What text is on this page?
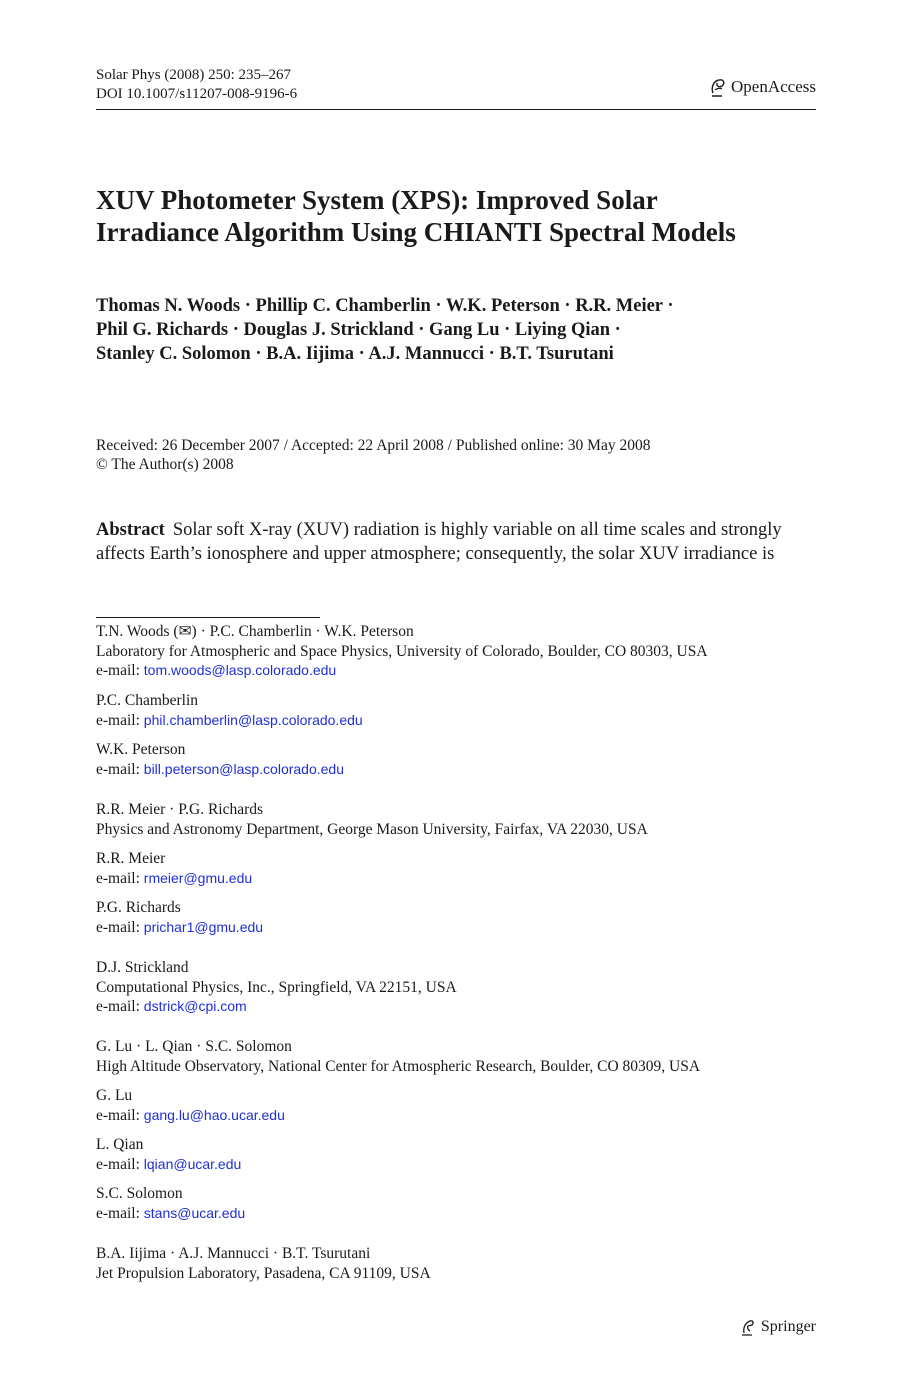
Solar Phys (2008) 250: 235–267
DOI 10.1007/s11207-008-9196-6	OpenAccess
XUV Photometer System (XPS): Improved Solar
Irradiance Algorithm Using CHIANTI Spectral Models
Thomas N. Woods · Phillip C. Chamberlin · W.K. Peterson · R.R. Meier ·
Phil G. Richards · Douglas J. Strickland · Gang Lu · Liying Qian ·
Stanley C. Solomon · B.A. Iijima · A.J. Mannucci · B.T. Tsurutani
Received: 26 December 2007 / Accepted: 22 April 2008 / Published online: 30 May 2008
© The Author(s) 2008
Abstract Solar soft X-ray (XUV) radiation is highly variable on all time scales and strongly
affects Earth’s ionosphere and upper atmosphere; consequently, the solar XUV irradiance is
T.N. Woods (✉) · P.C. Chamberlin · W.K. Peterson
Laboratory for Atmospheric and Space Physics, University of Colorado, Boulder, CO 80303, USA
e-mail: tom.woods@lasp.colorado.edu
P.C. Chamberlin
e-mail: phil.chamberlin@lasp.colorado.edu
W.K. Peterson
e-mail: bill.peterson@lasp.colorado.edu
R.R. Meier · P.G. Richards
Physics and Astronomy Department, George Mason University, Fairfax, VA 22030, USA
R.R. Meier
e-mail: rmeier@gmu.edu
P.G. Richards
e-mail: prichar1@gmu.edu
D.J. Strickland
Computational Physics, Inc., Springfield, VA 22151, USA
e-mail: dstrick@cpi.com
G. Lu · L. Qian · S.C. Solomon
High Altitude Observatory, National Center for Atmospheric Research, Boulder, CO 80309, USA
G. Lu
e-mail: gang.lu@hao.ucar.edu
L. Qian
e-mail: lqian@ucar.edu
S.C. Solomon
e-mail: stans@ucar.edu
B.A. Iijima · A.J. Mannucci · B.T. Tsurutani
Jet Propulsion Laboratory, Pasadena, CA 91109, USA
Springer
